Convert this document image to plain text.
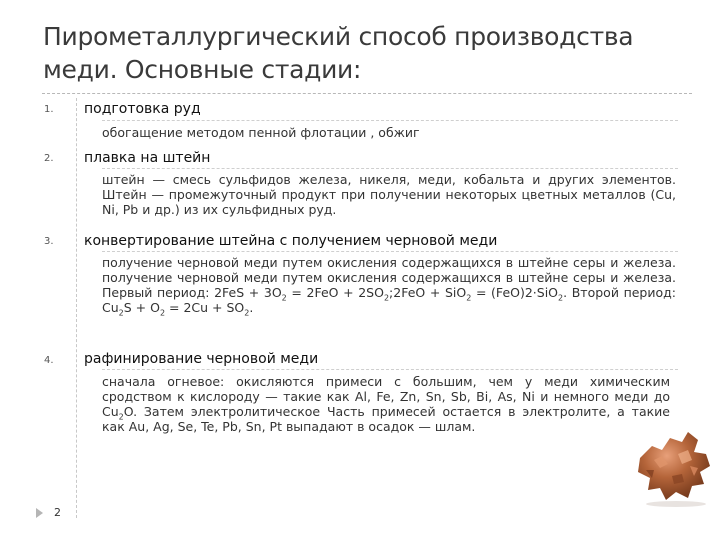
Пирометаллургический способ производства меди. Основные стадии:
1. подготовка руд
обогащение методом пенной флотации , обжиг
2. плавка на штейн
штейн — смесь сульфидов железа, никеля, меди, кобальта и других элементов. Штейн — промежуточный продукт при получении некоторых цветных металлов (Cu, Ni, Pb и др.) из их сульфидных руд.
3. конвертирование штейна с получением черновой меди
получение черновой меди путем окисления содержащихся в штейне серы и железа. получение черновой меди путем окисления содержащихся в штейне серы и железа. Первый период: $2FeS + 3O_2 = 2FeO$ + $2SO_2;2FeO + SiO_2 = (FeO)2\cdot SiO_2$. Второй период: $Cu_2S + O_2 = 2Cu + SO_2$.
4. рафинирование черновой меди
сначала огневое: окисляются примеси с большим, чем у меди химическим сродством к кислороду — такие как Al, Fe, Zn, Sn, Sb, Bi, As, Ni и немного меди до $Cu_2O$. Затем электролитическое Часть примесей остается в электролите, а такие как Au, Ag, Se, Te, Pb, Sn, Pt выпадают в осадок — шлам.
2
